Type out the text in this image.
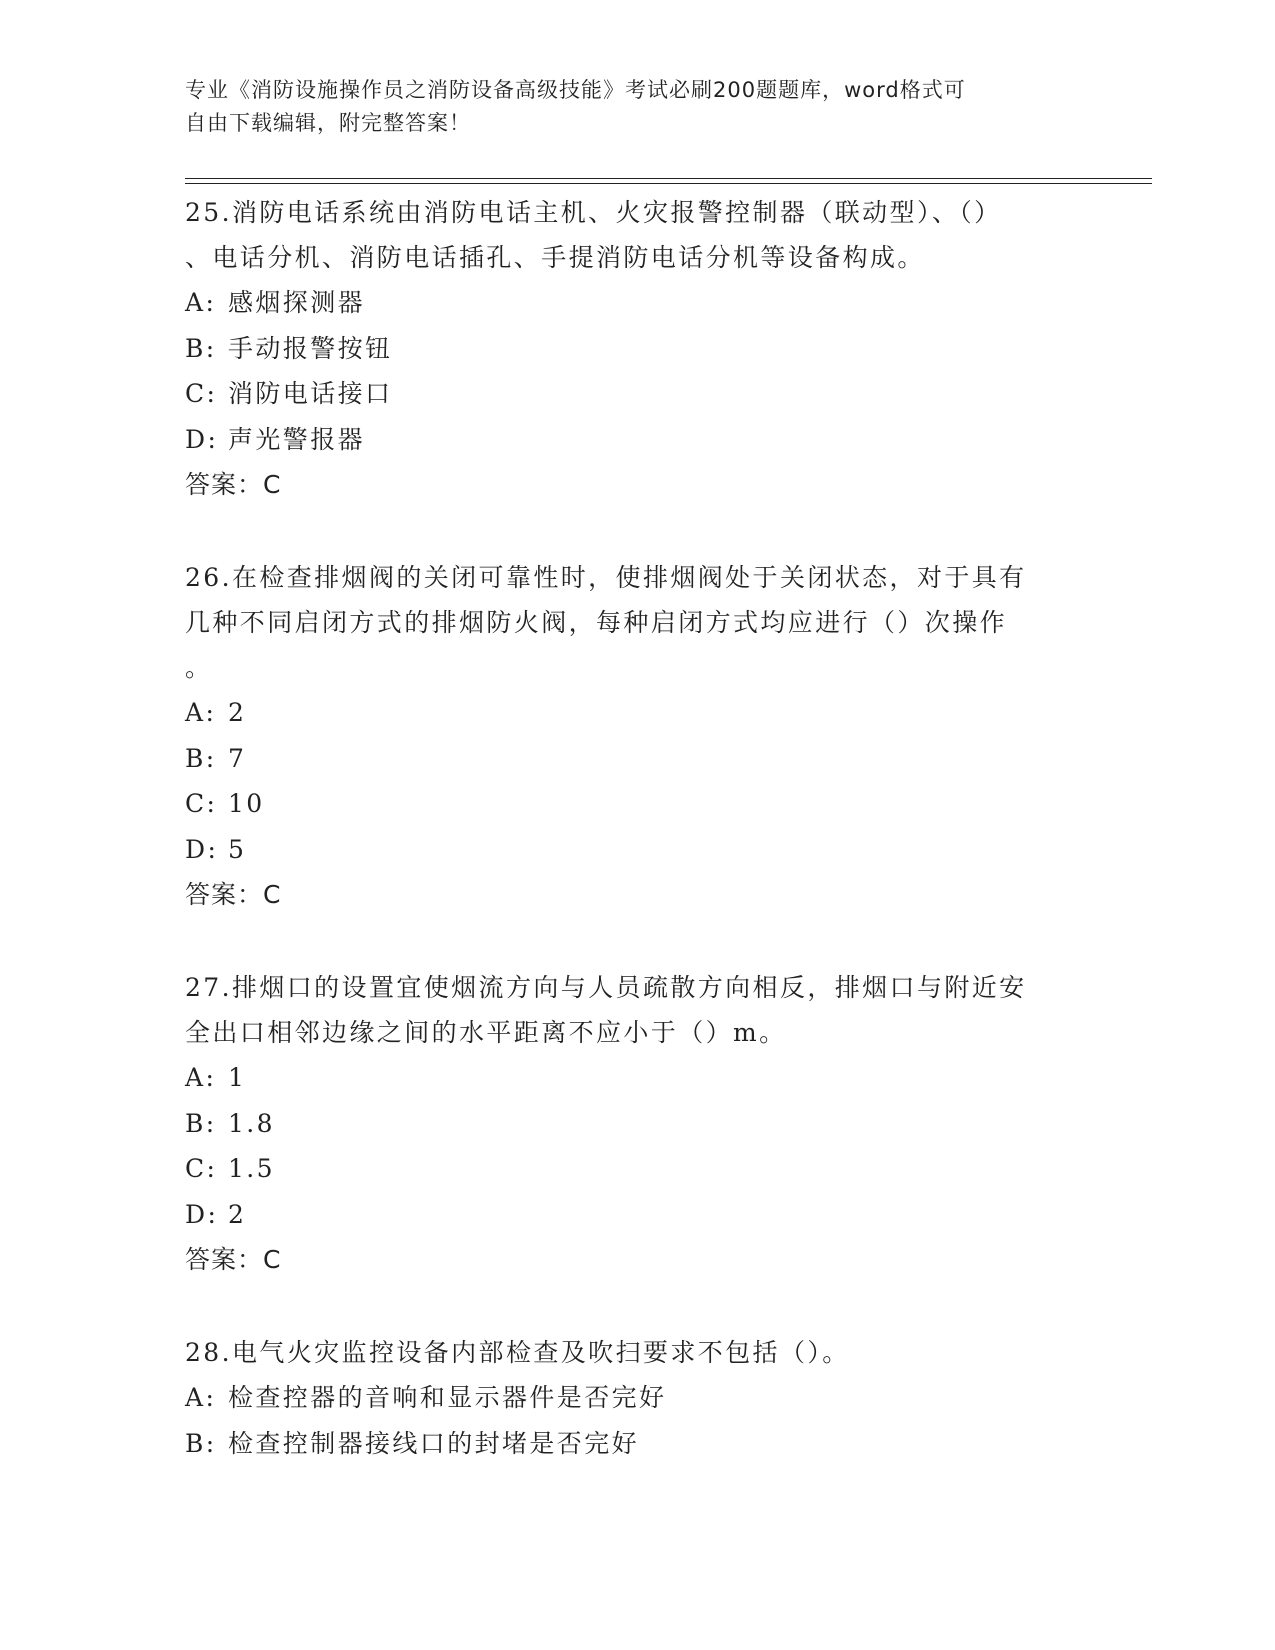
专业《消防设施操作员之消防设备高级技能》考试必刷200题题库，word格式可
自由下载编辑，附完整答案！

25.消防电话系统由消防电话主机、火灾报警控制器（联动型）、（）
、电话分机、消防电话插孔、手提消防电话分机等设备构成。

A: 感烟探测器

B: 手动报警按钮

C: 消防电话接口

D: 声光警报器

答案：C

26.在检查排烟阀的关闭可靠性时，使排烟阀处于关闭状态，对于具有
几种不同启闭方式的排烟防火阀，每种启闭方式均应进行（）次操作
。

A: 2

B: 7

C: 10

D: 5

答案：C

27.排烟口的设置宜使烟流方向与人员疏散方向相反，排烟口与附近安
全出口相邻边缘之间的水平距离不应小于（）m。

A: 1

B: 1.8

C: 1.5

D: 2

答案：C

28.电气火灾监控设备内部检查及吹扫要求不包括（）。

A: 检查控器的音响和显示器件是否完好

B: 检查控制器接线口的封堵是否完好
